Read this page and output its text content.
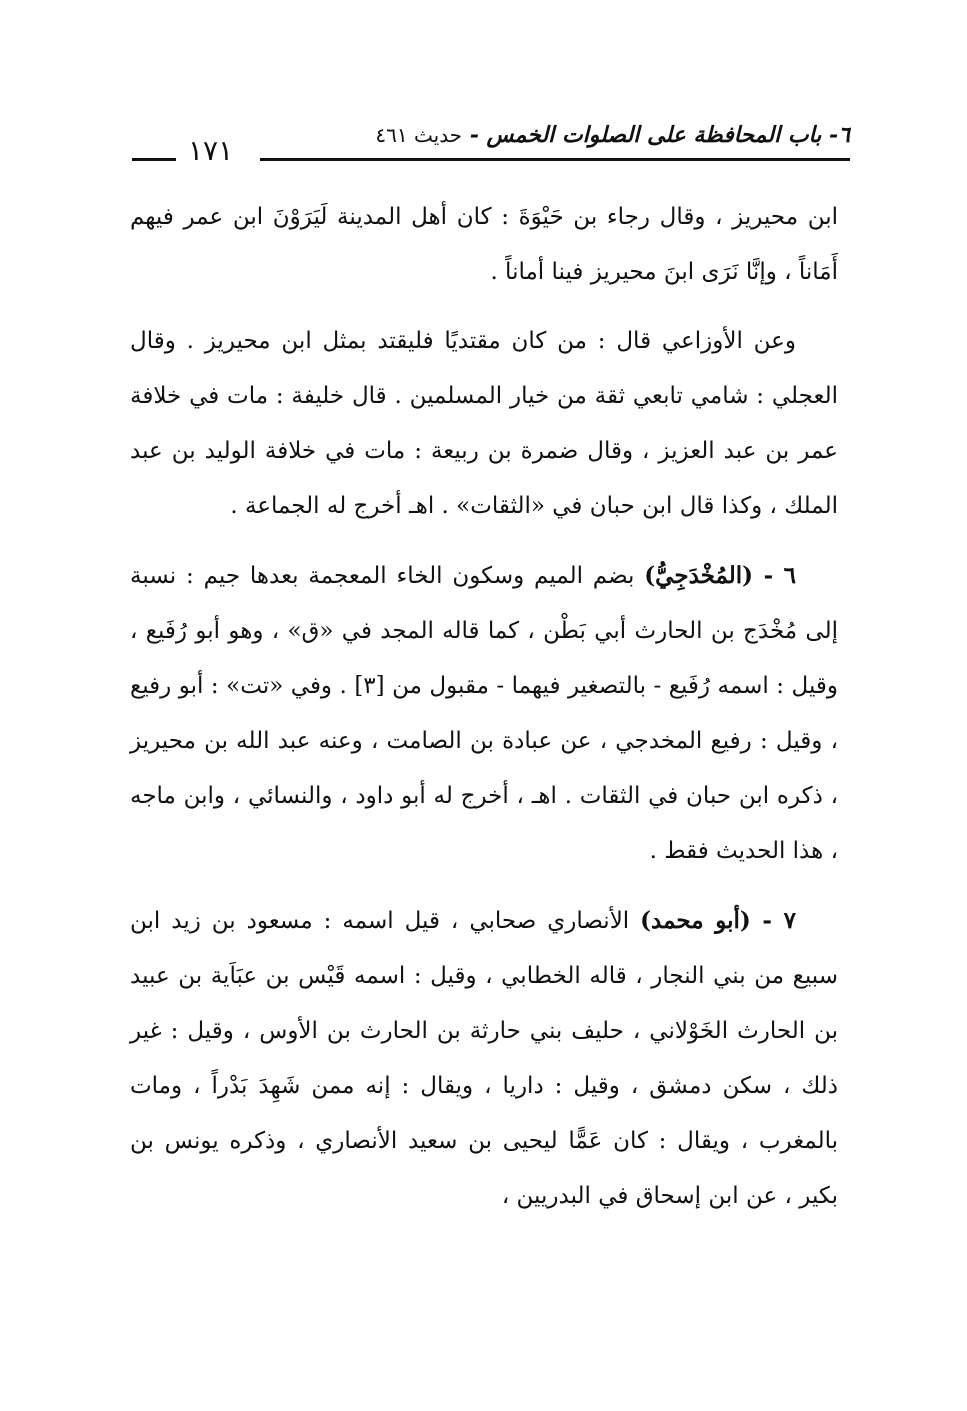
٦- باب المحافظة على الصلوات الخمس - حديث ٤٦١
١٧١

ابن محيريز ، وقال رجاء بن حَيْوَةَ : كان أهل المدينة لَيَرَوْنَ ابن عمر فيهم أَمَاناً ، وإنَّا نَرَى ابنَ محيريز فينا أماناً .

وعن الأوزاعي قال : من كان مقتديًا فليقتد بمثل ابن محيريز . وقال العجلي : شامي تابعي ثقة من خيار المسلمين . قال خليفة : مات في خلافة عمر بن عبد العزيز ، وقال ضمرة بن ربيعة : مات في خلافة الوليد بن عبد الملك ، وكذا قال ابن حبان في «الثقات» . اهـ أخرج له الجماعة .

٦ - (المُخْدَجِيُّ) بضم الميم وسكون الخاء المعجمة بعدها جيم : نسبة إلى مُخْدَج بن الحارث أبي بَطْن ، كما قاله المجد في «ق» ، وهو أبو رُفَيع ، وقيل : اسمه رُفَيع - بالتصغير فيهما - مقبول من [٣] . وفي «تت» : أبو رفيع ، وقيل : رفيع المخدجي ، عن عبادة بن الصامت ، وعنه عبد الله بن محيريز ، ذكره ابن حبان في الثقات . اهـ ، أخرج له أبو داود ، والنسائي ، وابن ماجه ، هذا الحديث فقط .

٧ - (أبو محمد) الأنصاري صحابي ، قيل اسمه : مسعود بن زيد ابن سبيع من بني النجار ، قاله الخطابي ، وقيل : اسمه قَيْس بن عبَاَية بن عبيد بن الحارث الخَوْلاني ، حليف بني حارثة بن الحارث بن الأوس ، وقيل : غير ذلك ، سكن دمشق ، وقيل : داريا ، ويقال : إنه ممن شَهِدَ بَدْراً ، ومات بالمغرب ، ويقال : كان عَمًّا ليحيى بن سعيد الأنصاري ، وذكره يونس بن بكير ، عن ابن إسحاق في البدريين ،
